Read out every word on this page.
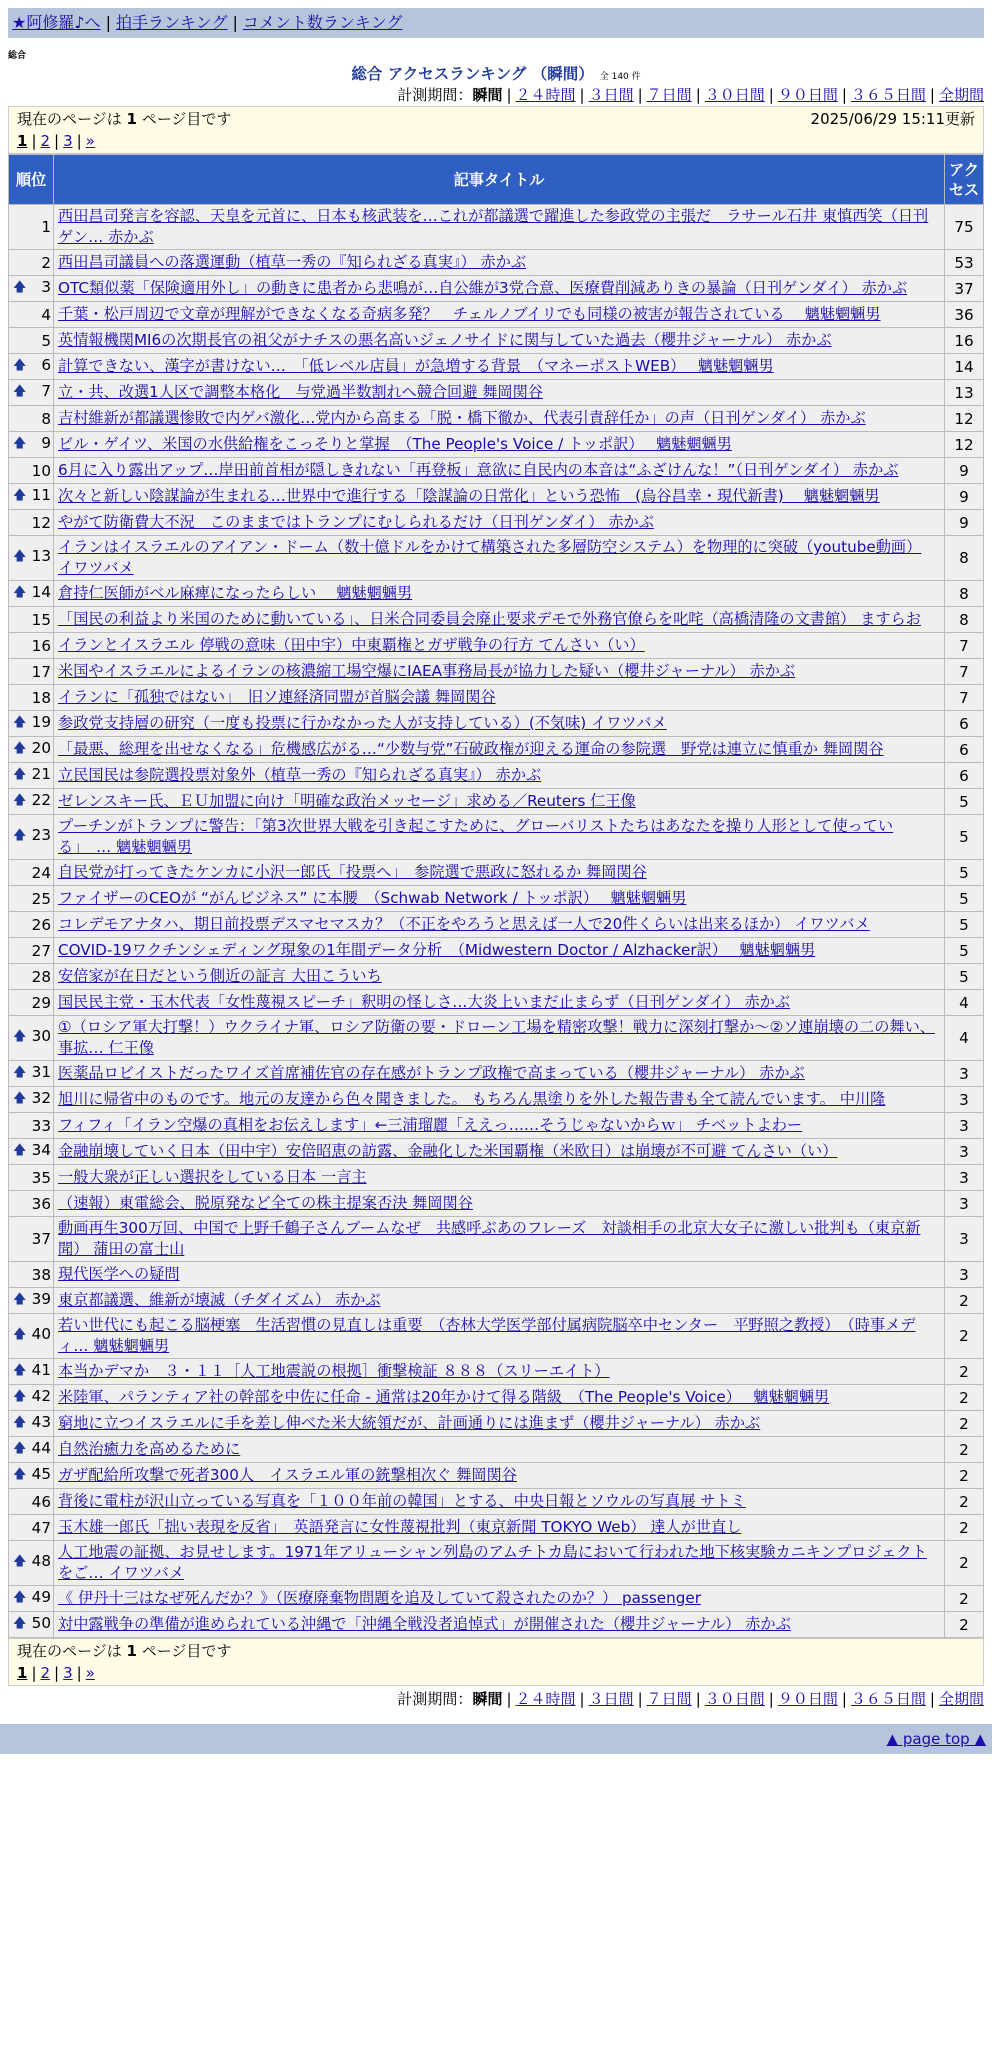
★阿修羅♪へ | 拍手ランキング | コメント数ランキング
総合
総合 アクセスランキング （瞬間） 全 140 件
計測期間：瞬間 | ２４時間 | ３日間 | ７日間 | ３０日間 | ９０日間 | ３６５日間 | 全期間
現在のページは 1 ページ目です	2025/06/29 15:11更新
1 | 2 | 3 | »
順位	記事タイトル	アクセス
1	西田昌司発言を容認、天皇を元首に、日本も核武装を…これが都議選で躍進した参政党の主張だ　ラサール石井 東慎西笑（日刊ゲン… 赤かぶ	75
2	西田昌司議員への落選運動（植草一秀の『知られざる真実』） 赤かぶ	53

🡅 3	OTC類似薬「保険適用外し」の動きに患者から悲鳴が…自公維が3党合意、医療費削減ありきの暴論（日刊ゲンダイ） 赤かぶ	37
4	千葉・松戸周辺で文章が理解ができなくなる奇病多発？　チェルノブイリでも同様の被害が報告されている　 魑魅魍魎男	36
5	英情報機関MI6の次期長官の祖父がナチスの悪名高いジェノサイドに関与していた過去（櫻井ジャーナル） 赤かぶ	16

🡅 6	計算できない、漢字が書けない…　「低レベル店員」が急増する背景　（マネーポストWEB）　 魑魅魍魎男	14

🡅 7	立・共、改選1人区で調整本格化　与党過半数割れへ競合回避 舞岡関谷	13
8	吉村維新が都議選惨敗で内ゲバ激化…党内から高まる「脱・橋下徹か、代表引責辞任か」の声（日刊ゲンダイ） 赤かぶ	12

🡅 9	ビル・ゲイツ、米国の水供給権をこっそりと掌握　（The People's Voice / トッポ訳）　 魑魅魍魎男	12
10	6月に入り露出アップ…岸田前首相が隠しきれない「再登板」意欲に自民内の本音は“ふざけんな！”（日刊ゲンダイ） 赤かぶ	9

🡅 11	次々と新しい陰謀論が生まれる…世界中で進行する「陰謀論の日常化」という恐怖　(烏谷昌幸・現代新書)　 魑魅魍魎男	9
12	やがて防衛費大不況　このままではトランプにむしられるだけ（日刊ゲンダイ） 赤かぶ	9

🡅 13	イランはイスラエルのアイアン・ドーム（数十億ドルをかけて構築された多層防空システム）を物理的に突破（youtube動画） イワツバメ	8

🡅 14	倉持仁医師がベル麻痺になったらしい　 魑魅魍魎男	8
15	「国民の利益より米国のために動いている」、日米合同委員会廃止要求デモで外務官僚らを叱咤（高橋清隆の文書館） ますらお	8
16	イランとイスラエル 停戦の意味（田中宇）中東覇権とガザ戦争の行方 てんさい（い）	7
17	米国やイスラエルによるイランの核濃縮工場空爆にIAEA事務局長が協力した疑い（櫻井ジャーナル） 赤かぶ	7
18	イランに「孤独ではない」　旧ソ連経済同盟が首脳会議 舞岡関谷	7

🡅 19	参政党支持層の研究（一度も投票に行かなかった人が支持している）(不気味) イワツバメ	6

🡅 20	「最悪、総理を出せなくなる」危機感広がる…“少数与党”石破政権が迎える運命の参院選　野党は連立に慎重か 舞岡関谷	6

🡅 21	立民国民は参院選投票対象外（植草一秀の『知られざる真実』） 赤かぶ	6

🡅 22	ゼレンスキー氏、ＥＵ加盟に向け「明確な政治メッセージ」求める／Reuters 仁王像	5

🡅 23	プーチンがトランプに警告：「第3次世界大戦を引き起こすために、グローバリストたちはあなたを操り人形として使っている」　… 魑魅魍魎男	5
24	自民党が打ってきたケンカに小沢一郎氏「投票へ」　参院選で悪政に怒れるか 舞岡関谷	5
25	ファイザーのCEOが “がんビジネス” に本腰　（Schwab Network / トッポ訳）　 魑魅魍魎男	5
26	コレデモアナタハ、期日前投票デスマセマスカ？（不正をやろうと思えば一人で20件くらいは出来るほか） イワツバメ	5
27	COVID-19ワクチンシェディング現象の1年間データ分析　（Midwestern Doctor / Alzhacker訳）　 魑魅魍魎男	5
28	安倍家が在日だという側近の証言 大田こういち	5
29	国民民主党・玉木代表「女性蔑視スピーチ」釈明の怪しさ…大炎上いまだ止まらず（日刊ゲンダイ） 赤かぶ	4

🡅 30	①（ロシア軍大打撃！）ウクライナ軍、ロシア防衛の要・ドローン工場を精密攻撃！戦力に深刻打撃か～②ソ連崩壊の二の舞い、事拡… 仁王像	4

🡅 31	医薬品ロビイストだったワイズ首席補佐官の存在感がトランプ政権で高まっている（櫻井ジャーナル） 赤かぶ	3

🡅 32	旭川に帰省中のものです。地元の友達から色々聞きました。 もちろん黒塗りを外した報告書も全て読んでいます。 中川隆	3
33	フィフィ「イラン空爆の真相をお伝えします」←三浦瑠麗「ええっ……そうじゃないからｗ」 チベットよわー	3

🡅 34	金融崩壊していく日本（田中宇）安倍昭恵の訪露、金融化した米国覇権（米欧日）は崩壊が不可避 てんさい（い）	3
35	一般大衆が正しい選択をしている日本 一言主	3
36	（速報）東電総会、脱原発など全ての株主提案否決 舞岡関谷	3
37	動画再生300万回、中国で上野千鶴子さんブームなぜ　共感呼ぶあのフレーズ　対談相手の北京大女子に激しい批判も（東京新聞） 蒲田の富士山	3
38	現代医学への疑問	3

🡅 39	東京都議選、維新が壊滅（チダイズム） 赤かぶ	2

🡅 40	若い世代にも起こる脳梗塞　生活習慣の見直しは重要　（杏林大学医学部付属病院脳卒中センター　平野照之教授）　（時事メディ… 魑魅魍魎男	2

🡅 41	本当かデマか　３・１１［人工地震説の根拠］衝撃検証 ８８８（スリーエイト）	2

🡅 42	米陸軍、パランティア社の幹部を中佐に任命 - 通常は20年かけて得る階級　（The People's Voice）　 魑魅魍魎男	2

🡅 43	窮地に立つイスラエルに手を差し伸べた米大統領だが、計画通りには進まず（櫻井ジャーナル） 赤かぶ	2

🡅 44	自然治癒力を高めるために	2

🡅 45	ガザ配給所攻撃で死者300人　イスラエル軍の銃撃相次ぐ 舞岡関谷	2
46	背後に電柱が沢山立っている写真を「１００年前の韓国」とする、中央日報とソウルの写真展 サトミ	2
47	玉木雄一郎氏「拙い表現を反省」　英語発言に女性蔑視批判（東京新聞 TOKYO Web） 達人が世直し	2

🡅 48	人工地震の証拠、お見せします。1971年アリューシャン列島のアムチトカ島において行われた地下核実験カニキンプロジェクトをご… イワツバメ	2

🡅 49	《 伊丹十三はなぜ死んだか？》（医療廃棄物問題を追及していて殺されたのか？） passenger	2

🡅 50	対中露戦争の準備が進められている沖縄で「沖縄全戦没者追悼式」が開催された（櫻井ジャーナル） 赤かぶ	2
現在のページは 1 ページ目です
1 | 2 | 3 | »
計測期間：瞬間 | ２４時間 | ３日間 | ７日間 | ３０日間 | ９０日間 | ３６５日間 | 全期間
▲ page top ▲
